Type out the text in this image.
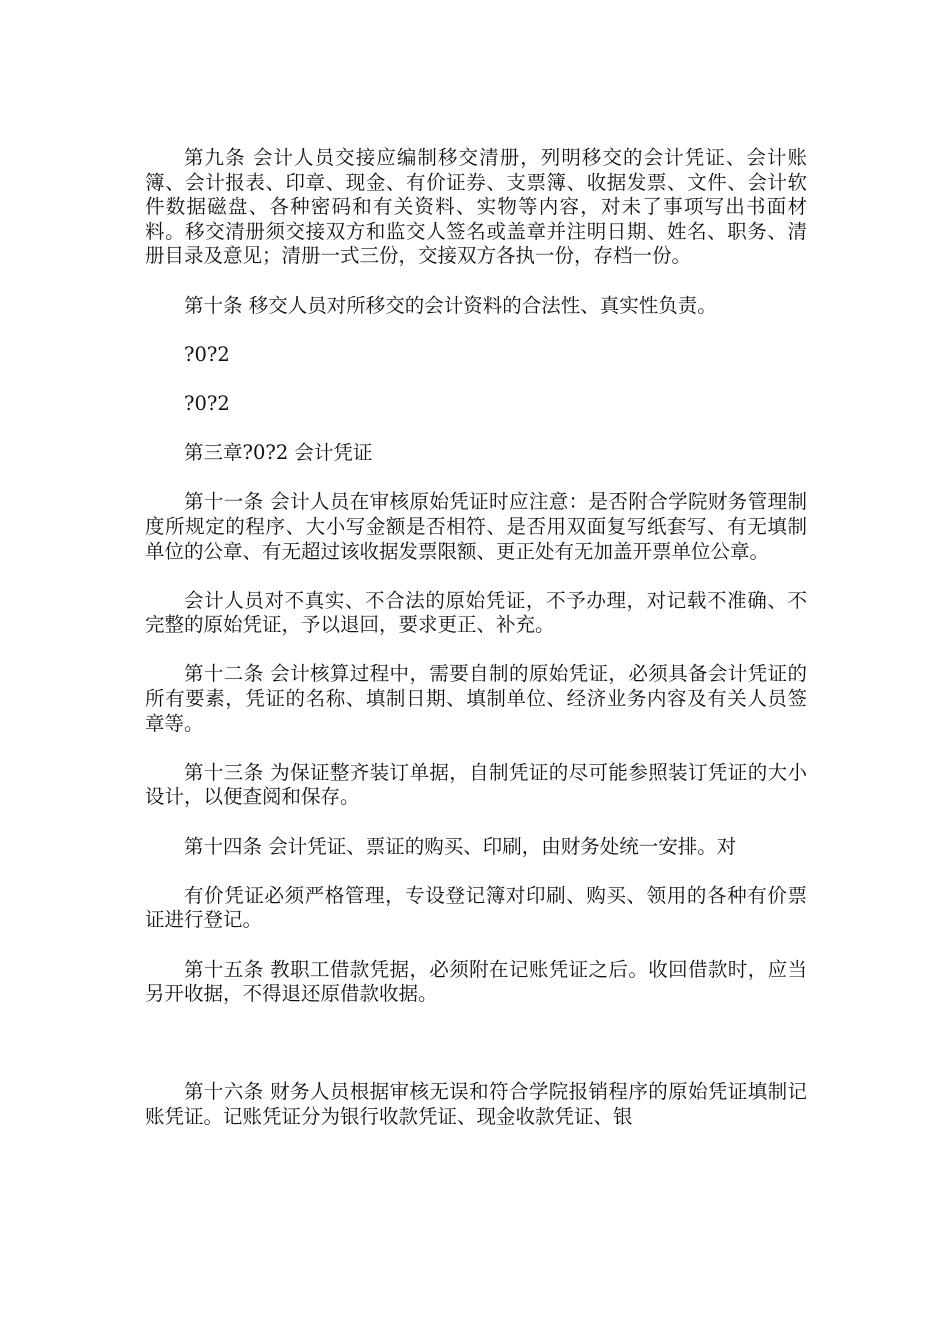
第九条 会计人员交接应编制移交清册，列明移交的会计凭证、会计账簿、会计报表、印章、现金、有价证券、支票簿、收据发票、文件、会计软件数据磁盘、各种密码和有关资料、实物等内容，对未了事项写出书面材料。移交清册须交接双方和监交人签名或盖章并注明日期、姓名、职务、清册目录及意见；清册一式三份，交接双方各执一份，存档一份。

第十条 移交人员对所移交的会计资料的合法性、真实性负责。

?0?2

?0?2

第三章?0?2 会计凭证

第十一条 会计人员在审核原始凭证时应注意：是否附合学院财务管理制度所规定的程序、大小写金额是否相符、是否用双面复写纸套写、有无填制单位的公章、有无超过该收据发票限额、更正处有无加盖开票单位公章。

会计人员对不真实、不合法的原始凭证，不予办理，对记载不准确、不完整的原始凭证，予以退回，要求更正、补充。

第十二条 会计核算过程中，需要自制的原始凭证，必须具备会计凭证的所有要素，凭证的名称、填制日期、填制单位、经济业务内容及有关人员签章等。

第十三条 为保证整齐装订单据，自制凭证的尽可能参照装订凭证的大小设计，以便查阅和保存。

第十四条 会计凭证、票证的购买、印刷，由财务处统一安排。对

有价凭证必须严格管理，专设登记簿对印刷、购买、领用的各种有价票证进行登记。

第十五条 教职工借款凭据，必须附在记账凭证之后。收回借款时，应当另开收据，不得退还原借款收据。

第十六条 财务人员根据审核无误和符合学院报销程序的原始凭证填制记账凭证。记账凭证分为银行收款凭证、现金收款凭证、银
